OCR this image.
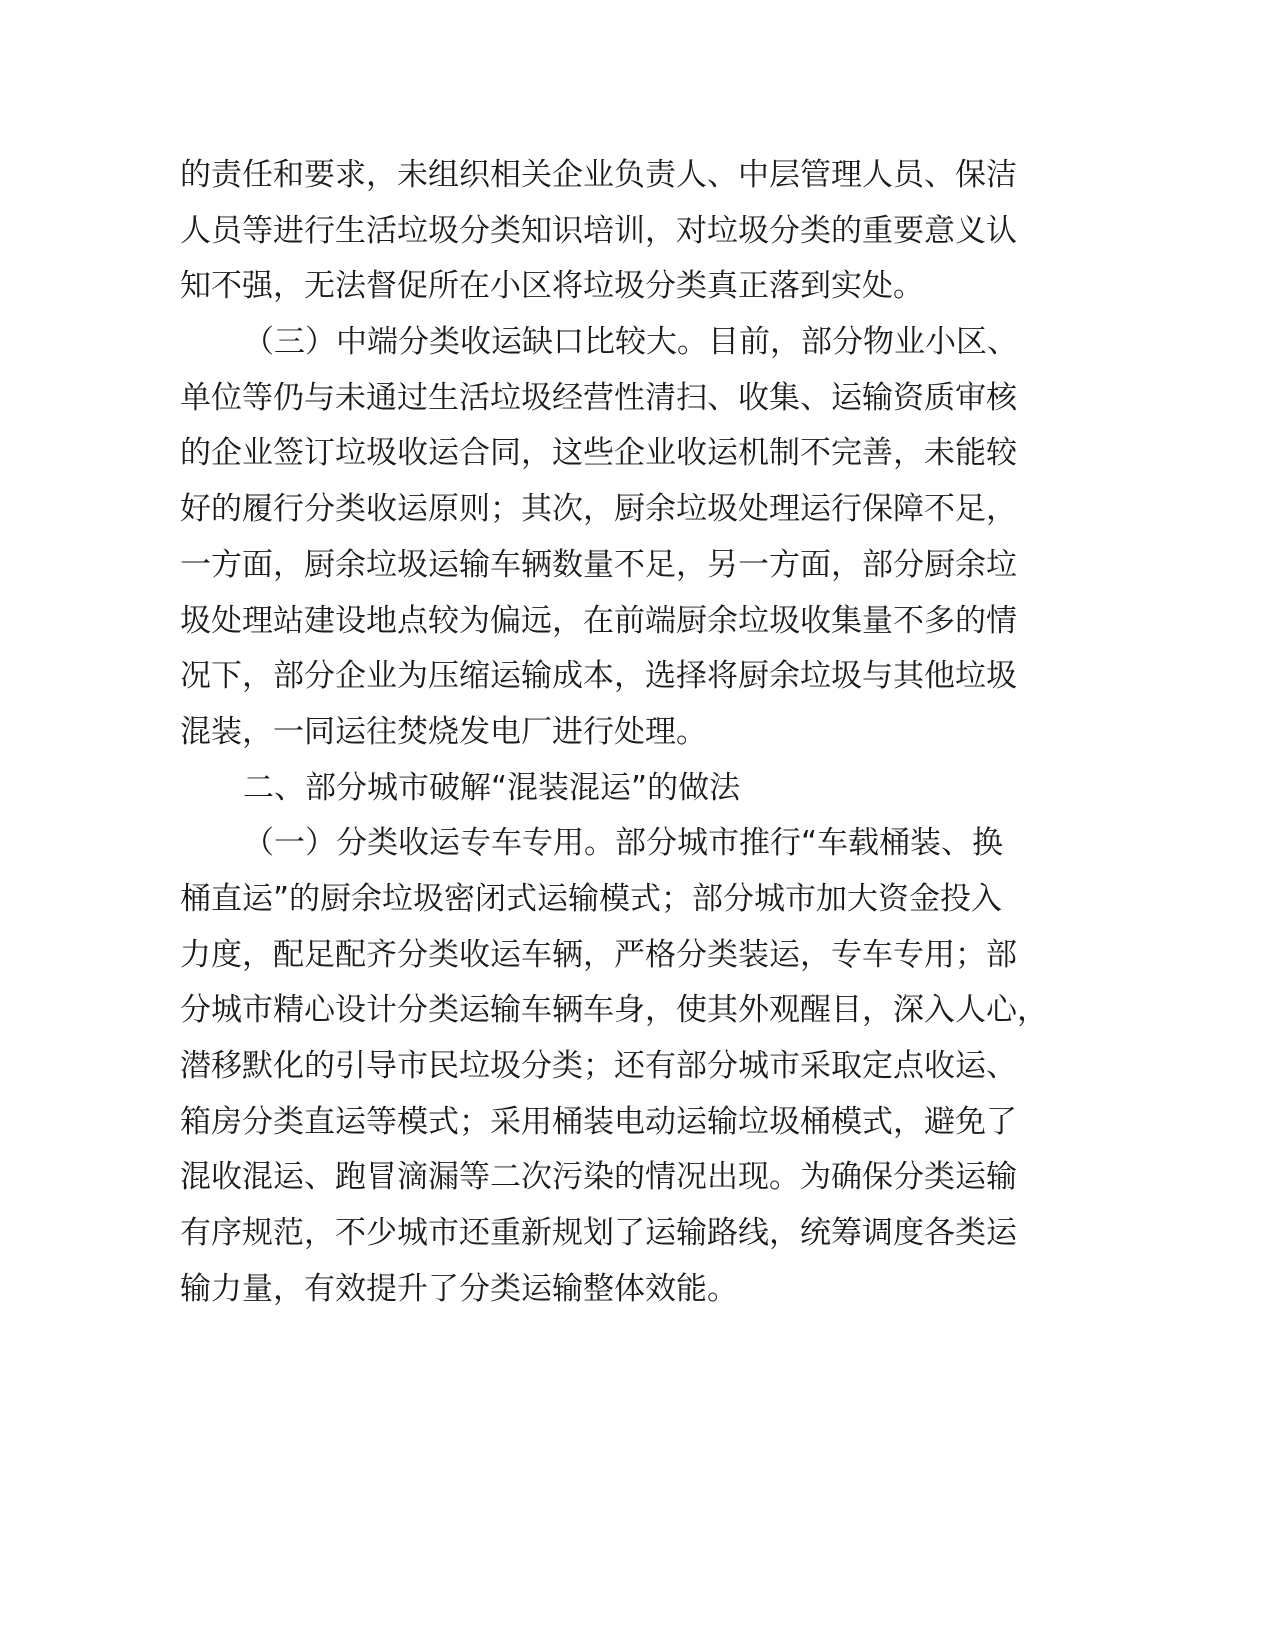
的责任和要求，未组织相关企业负责人、中层管理人员、保洁
人员等进行生活垃圾分类知识培训，对垃圾分类的重要意义认
知不强，无法督促所在小区将垃圾分类真正落到实处。
（三）中端分类收运缺口比较大。目前，部分物业小区、
单位等仍与未通过生活垃圾经营性清扫、收集、运输资质审核
的企业签订垃圾收运合同，这些企业收运机制不完善，未能较
好的履行分类收运原则；其次，厨余垃圾处理运行保障不足，
一方面，厨余垃圾运输车辆数量不足，另一方面，部分厨余垃
圾处理站建设地点较为偏远，在前端厨余垃圾收集量不多的情
况下，部分企业为压缩运输成本，选择将厨余垃圾与其他垃圾
混装，一同运往焚烧发电厂进行处理。
二、部分城市破解“混装混运”的做法
（一）分类收运专车专用。部分城市推行“车载桶装、换
桶直运”的厨余垃圾密闭式运输模式；部分城市加大资金投入
力度，配足配齐分类收运车辆，严格分类装运，专车专用；部
分城市精心设计分类运输车辆车身，使其外观醒目，深入人心，
潜移默化的引导市民垃圾分类；还有部分城市采取定点收运、
箱房分类直运等模式；采用桶装电动运输垃圾桶模式，避免了
混收混运、跑冒滴漏等二次污染的情况出现。为确保分类运输
有序规范，不少城市还重新规划了运输路线，统筹调度各类运
输力量，有效提升了分类运输整体效能。
